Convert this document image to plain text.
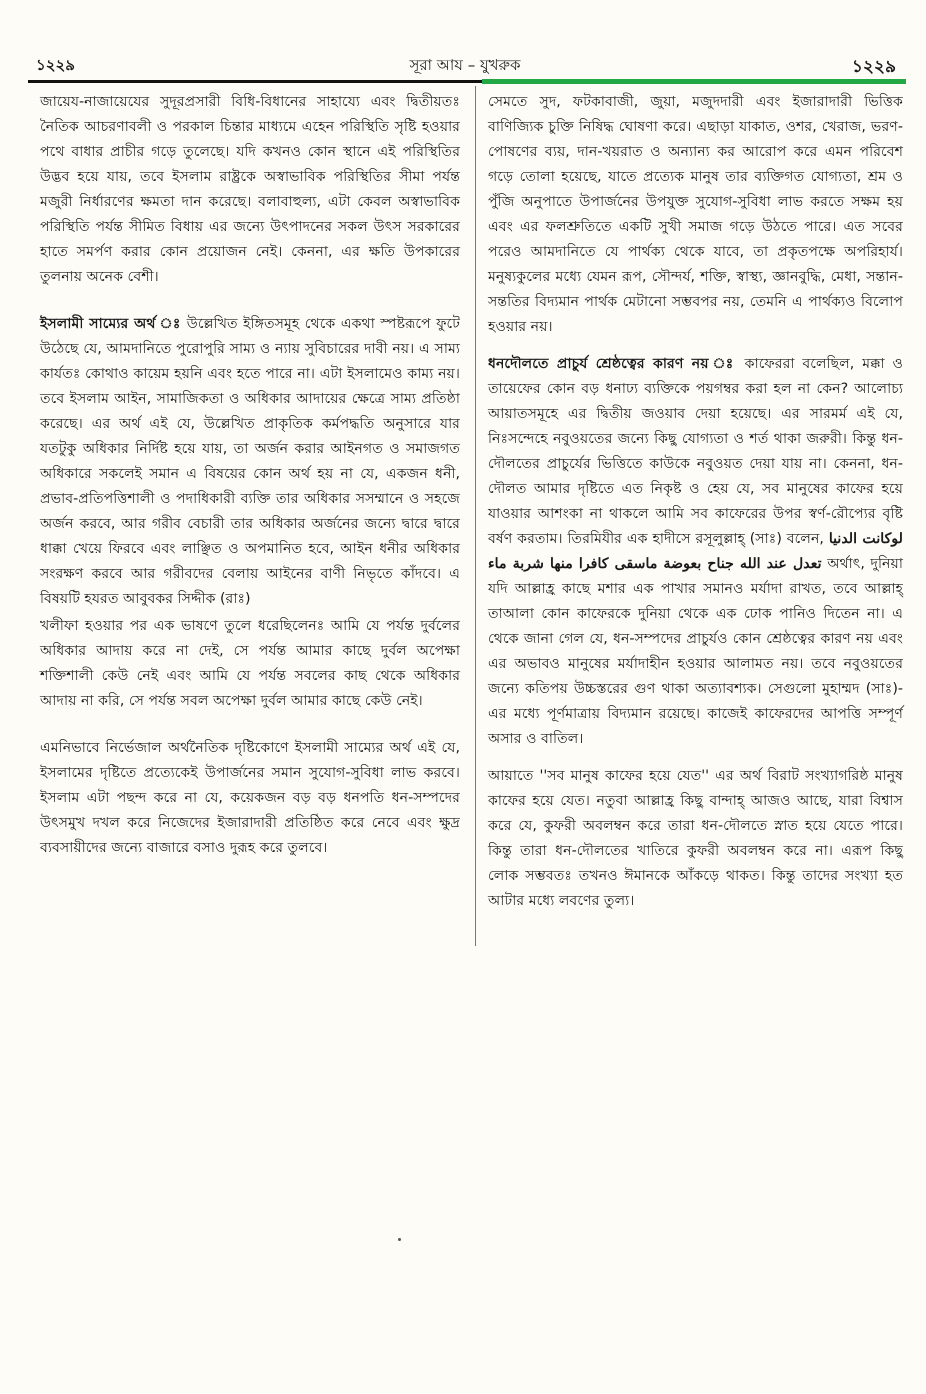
১২২৯	সূরা আয – যুখরুক	১২২৯

জায়েয-নাজায়েযের সুদূরপ্রসারী বিধি-বিধানের সাহায্যে এবং দ্বিতীয়তঃ নৈতিক আচরণাবলী ও পরকাল চিন্তার মাধ্যমে এহেন পরিস্থিতি সৃষ্টি হওয়ার পথে বাধার প্রাচীর গড়ে তুলেছে। যদি কখনও কোন স্থানে এই পরিস্থিতির উদ্ভব হয়ে যায়, তবে ইসলাম রাষ্ট্রকে অস্বাভাবিক পরিস্থিতির সীমা পর্যন্ত মজুরী নির্ধারণের ক্ষমতা দান করেছে। বলাবাহুল্য, এটা কেবল অস্বাভাবিক পরিস্থিতি পর্যন্ত সীমিত বিধায় এর জন্যে উৎপাদনের সকল উৎস সরকারের হাতে সমর্পণ করার কোন প্রয়োজন নেই। কেননা, এর ক্ষতি উপকারের তুলনায় অনেক বেশী।

ইসলামী সাম্যের অর্থ ঃ উল্লেখিত ইঙ্গিতসমূহ থেকে একথা স্পষ্টরূপে ফুটে উঠেছে যে, আমদানিতে পুরোপুরি সাম্য ও ন্যায় সুবিচারের দাবী নয়। এ সাম্য কার্যতঃ কোথাও কায়েম হয়নি এবং হতে পারে না। এটা ইসলামেও কাম্য নয়। তবে ইসলাম আইন, সামাজিকতা ও অধিকার আদায়ের ক্ষেত্রে সাম্য প্রতিষ্ঠা করেছে। এর অর্থ এই যে, উল্লেখিত প্রাকৃতিক কর্মপদ্ধতি অনুসারে যার যতটুকু অধিকার নির্দিষ্ট হয়ে যায়, তা অর্জন করার আইনগত ও সমাজগত অধিকারে সকলেই সমান এ বিষয়ের কোন অর্থ হয় না যে, একজন ধনী, প্রভাব-প্রতিপত্তিশালী ও পদাধিকারী ব্যক্তি তার অধিকার সসম্মানে ও সহজে অর্জন করবে, আর গরীব বেচারী তার অধিকার অর্জনের জন্যে দ্বারে দ্বারে ধাক্কা খেয়ে ফিরবে এবং লাঞ্ছিত ও অপমানিত হবে, আইন ধনীর অধিকার সংরক্ষণ করবে আর গরীবদের বেলায় আইনের বাণী নিভৃতে কাঁদবে। এ বিষয়টি হযরত আবুবকর সিদ্দীক (রাঃ)

খলীফা হওয়ার পর এক ভাষণে তুলে ধরেছিলেনঃ আমি যে পর্যন্ত দুর্বলের অধিকার আদায় করে না দেই, সে পর্যন্ত আমার কাছে দুর্বল অপেক্ষা শক্তিশালী কেউ নেই এবং আমি যে পর্যন্ত সবলের কাছ থেকে অধিকার আদায় না করি, সে পর্যন্ত সবল অপেক্ষা দুর্বল আমার কাছে কেউ নেই।

এমনিভাবে নির্ভেজাল অর্থনৈতিক দৃষ্টিকোণে ইসলামী সাম্যের অর্থ এই যে, ইসলামের দৃষ্টিতে প্রত্যেকেই উপার্জনের সমান সুযোগ-সুবিধা লাভ করবে। ইসলাম এটা পছন্দ করে না যে, কয়েকজন বড় বড় ধনপতি ধন-সম্পদের উৎসমুখ দখল করে নিজেদের ইজারাদারী প্রতিষ্ঠিত করে নেবে এবং ক্ষুদ্র ব্যবসায়ীদের জন্যে বাজারে বসাও দুরূহ করে তুলবে।

সেমতে সুদ, ফটকাবাজী, জুয়া, মজুদদারী এবং ইজারাদারী ভিত্তিক বাণিজ্যিক চুক্তি নিষিদ্ধ ঘোষণা করে। এছাড়া যাকাত, ওশর, খেরাজ, ভরণ-পোষণের ব্যয়, দান-খয়রাত ও অন্যান্য কর আরোপ করে এমন পরিবেশ গড়ে তোলা হয়েছে, যাতে প্রত্যেক মানুষ তার ব্যক্তিগত যোগ্যতা, শ্রম ও পুঁজি অনুপাতে উপার্জনের উপযুক্ত সুযোগ-সুবিধা লাভ করতে সক্ষম হয় এবং এর ফলশ্রুতিতে একটি সুখী সমাজ গড়ে উঠতে পারে। এত সবের পরেও আমদানিতে যে পার্থক্য থেকে যাবে, তা প্রকৃতপক্ষে অপরিহার্য। মনুষ্যকুলের মধ্যে যেমন রূপ, সৌন্দর্য, শক্তি, স্বাস্থ্য, জ্ঞানবুদ্ধি, মেধা, সন্তান-সন্ততির বিদ্যমান পার্থক মেটানো সম্ভবপর নয়, তেমনি এ পার্থক্যও বিলোপ হওয়ার নয়।

ধনদৌলতে প্রাচুর্য শ্রেষ্ঠত্বের কারণ নয় ঃ কাফেররা বলেছিল, মক্কা ও তায়েফের কোন বড় ধনাঢ্য ব্যক্তিকে পয়গম্বর করা হল না কেন? আলোচ্য আয়াতসমূহে এর দ্বিতীয় জওয়াব দেয়া হয়েছে। এর সারমর্ম এই যে, নিঃসন্দেহে নবুওয়তের জন্যে কিছু যোগ্যতা ও শর্ত থাকা জরুরী। কিন্তু ধন-দৌলতের প্রাচুর্যের ভিত্তিতে কাউকে নবুওয়ত দেয়া যায় না। কেননা, ধন-দৌলত আমার দৃষ্টিতে এত নিকৃষ্ট ও হেয় যে, সব মানুষের কাফের হয়ে যাওয়ার আশংকা না থাকলে আমি সব কাফেরের উপর স্বর্ণ-রৌপ্যের বৃষ্টি বর্ষণ করতাম। তিরমিযীর এক হাদীসে রসূলুল্লাহ্ (সাঃ) বলেন, لوكانت الدنيا تعدل عند الله جناح بعوضة ماسقى كافرا منها شربة ماء অর্থাৎ, দুনিয়া যদি আল্লাহ্র কাছে মশার এক পাখার সমানও মর্যাদা রাখত, তবে আল্লাহ্ তাআলা কোন কাফেরকে দুনিয়া থেকে এক ঢোক পানিও দিতেন না। এ থেকে জানা গেল যে, ধন-সম্পদের প্রাচুর্যও কোন শ্রেষ্ঠত্বের কারণ নয় এবং এর অভাবও মানুষের মর্যাদাহীন হওয়ার আলামত নয়। তবে নবুওয়তের জন্যে কতিপয় উচ্চস্তরের গুণ থাকা অত্যাবশ্যক। সেগুলো মুহাম্মদ (সাঃ)-এর মধ্যে পূর্ণমাত্রায় বিদ্যমান রয়েছে। কাজেই কাফেরদের আপত্তি সম্পূর্ণ অসার ও বাতিল।

আয়াতে ''সব মানুষ কাফের হয়ে যেত'' এর অর্থ বিরাট সংখ্যাগরিষ্ঠ মানুষ কাফের হয়ে যেত। নতুবা আল্লাহ্র কিছু বান্দাহ্ আজও আছে, যারা বিশ্বাস করে যে, কুফরী অবলম্বন করে তারা ধন-দৌলতে স্নাত হয়ে যেতে পারে। কিন্তু তারা ধন-দৌলতের খাতিরে কুফরী অবলম্বন করে না। এরূপ কিছু লোক সম্ভবতঃ তখনও ঈমানকে আঁকড়ে থাকত। কিন্তু তাদের সংখ্যা হত আটার মধ্যে লবণের তুল্য।
